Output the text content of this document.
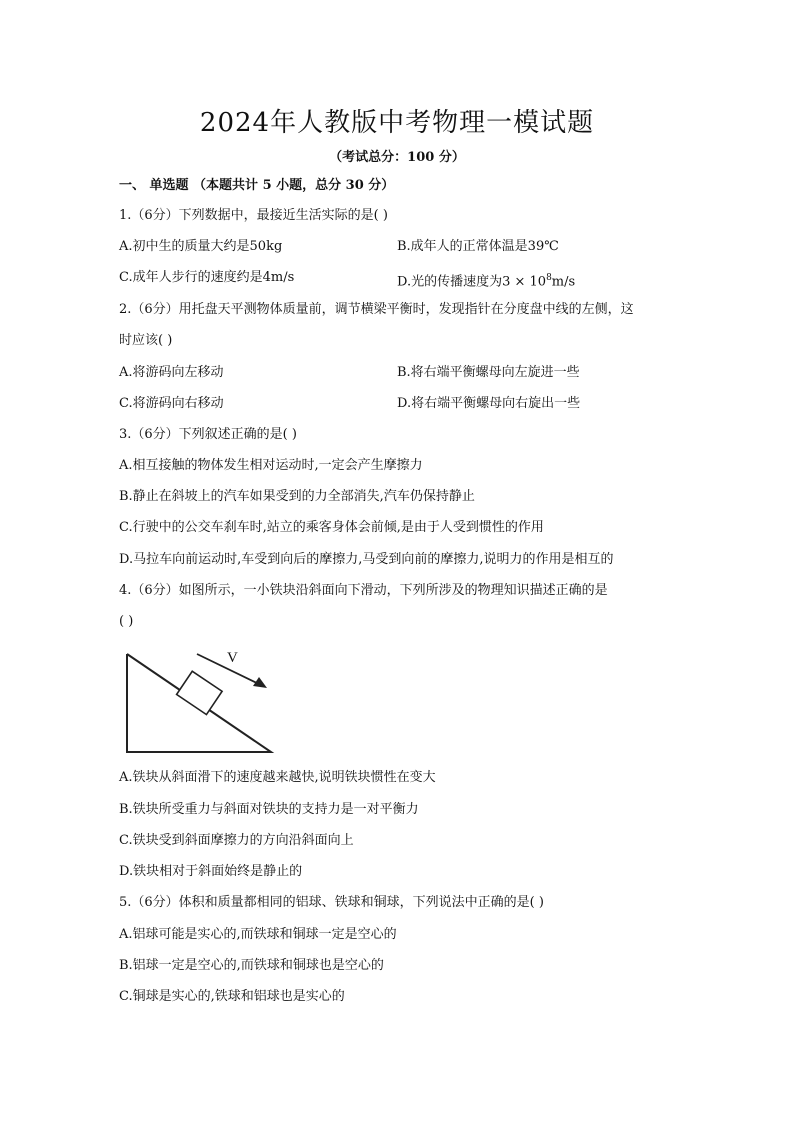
2024年人教版中考物理一模试题
（考试总分：100 分）
一、 单选题 （本题共计 5 小题，总分 30 分）
1.（6分）下列数据中，最接近生活实际的是( )
A.初中生的质量大约是50kg	B.成年人的正常体温是39℃
C.成年人步行的速度约是4m/s	D.光的传播速度为$3 \times 10^8m/s$
2.（6分）用托盘天平测物体质量前，调节横梁平衡时，发现指针在分度盘中线的左侧，这
时应该( )
A.将游码向左移动	B.将右端平衡螺母向左旋进一些
C.将游码向右移动	D.将右端平衡螺母向右旋出一些
3.（6分）下列叙述正确的是( )
A.相互接触的物体发生相对运动时,一定会产生摩擦力
B.静止在斜坡上的汽车如果受到的力全部消失,汽车仍保持静止
C.行驶中的公交车刹车时,站立的乘客身体会前倾,是由于人受到惯性的作用
D.马拉车向前运动时,车受到向后的摩擦力,马受到向前的摩擦力,说明力的作用是相互的
4.（6分）如图所示，一小铁块沿斜面向下滑动，下列所涉及的物理知识描述正确的是
( )
V
A.铁块从斜面滑下的速度越来越快,说明铁块惯性在变大
B.铁块所受重力与斜面对铁块的支持力是一对平衡力
C.铁块受到斜面摩擦力的方向沿斜面向上
D.铁块相对于斜面始终是静止的
5.（6分）体积和质量都相同的铝球、铁球和铜球，下列说法中正确的是( )
A.铝球可能是实心的,而铁球和铜球一定是空心的
B.铝球一定是空心的,而铁球和铜球也是空心的
C.铜球是实心的,铁球和铝球也是实心的
